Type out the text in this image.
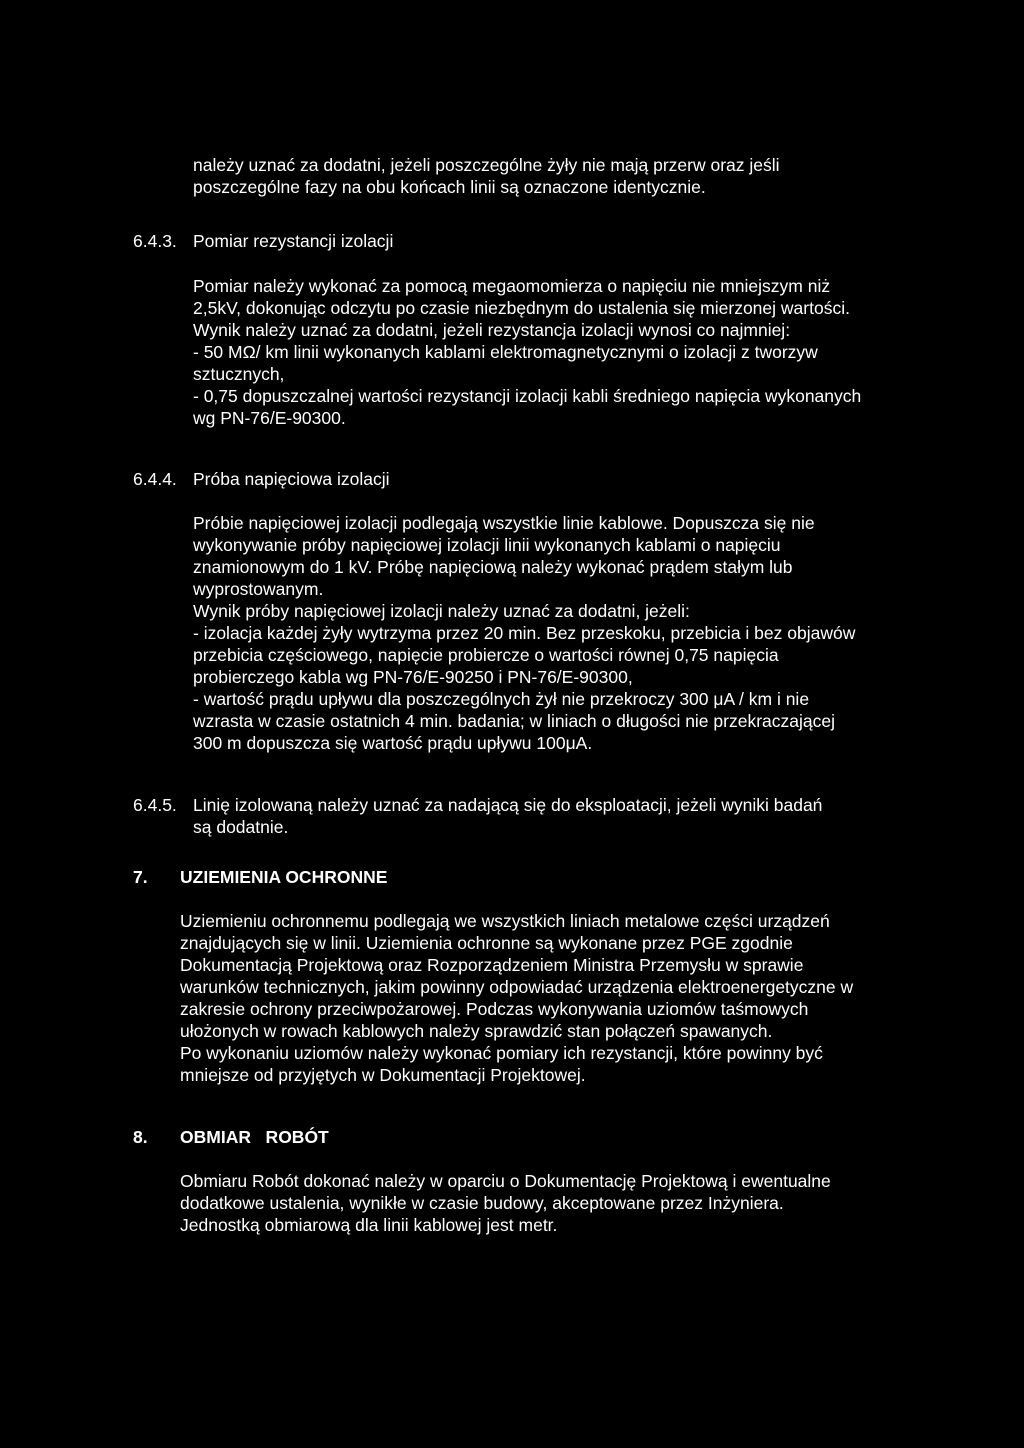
należy uznać za dodatni, jeżeli poszczególne żyły nie mają przerw oraz jeśli
poszczególne fazy na obu końcach linii są oznaczone identycznie.
6.4.3. Pomiar rezystancji izolacji
Pomiar należy wykonać za pomocą megaomomierza o napięciu nie mniejszym niż
2,5kV, dokonując odczytu po czasie niezbędnym do ustalenia się mierzonej wartości.
Wynik należy uznać za dodatni, jeżeli rezystancja izolacji wynosi co najmniej:
- 50 MΩ/ km linii wykonanych kablami elektromagnetycznymi o izolacji z tworzyw
sztucznych,
- 0,75 dopuszczalnej wartości rezystancji izolacji kabli średniego napięcia wykonanych
wg PN-76/E-90300.
6.4.4. Próba napięciowa izolacji
Próbie napięciowej izolacji podlegają wszystkie linie kablowe. Dopuszcza się nie
wykonywanie próby napięciowej izolacji linii wykonanych kablami o napięciu
znamionowym do 1 kV. Próbę napięciową należy wykonać prądem stałym lub
wyprostowanym.
Wynik próby napięciowej izolacji należy uznać za dodatni, jeżeli:
- izolacja każdej żyły wytrzyma przez 20 min. Bez przeskoku, przebicia i bez objawów
przebicia częściowego, napięcie probiercze o wartości równej 0,75 napięcia
probierczego kabla wg PN-76/E-90250 i PN-76/E-90300,
- wartość prądu upływu dla poszczególnych żył nie przekroczy 300 μA / km i nie
wzrasta w czasie ostatnich 4 min. badania; w liniach o długości nie przekraczającej
300 m dopuszcza się wartość prądu upływu 100μA.
6.4.5. Linię izolowaną należy uznać za nadającą się do eksploatacji, jeżeli wyniki badań
są dodatnie.
7. UZIEMIENIA OCHRONNE
Uziemieniu ochronnemu podlegają we wszystkich liniach metalowe części urządzeń
znajdujących się w linii. Uziemienia ochronne są wykonane przez PGE zgodnie
Dokumentacją Projektową oraz Rozporządzeniem Ministra Przemysłu w sprawie
warunków technicznych, jakim powinny odpowiadać urządzenia elektroenergetyczne w
zakresie ochrony przeciwpożarowej. Podczas wykonywania uziomów taśmowych
ułożonych w rowach kablowych należy sprawdzić stan połączeń spawanych.
Po wykonaniu uziomów należy wykonać pomiary ich rezystancji, które powinny być
mniejsze od przyjętych w Dokumentacji Projektowej.
8. OBMIAR   ROBÓT
Obmiaru Robót dokonać należy w oparciu o Dokumentację Projektową i ewentualne
dodatkowe ustalenia, wynikłe w czasie budowy, akceptowane przez Inżyniera.
Jednostką obmiarową dla linii kablowej jest metr.
